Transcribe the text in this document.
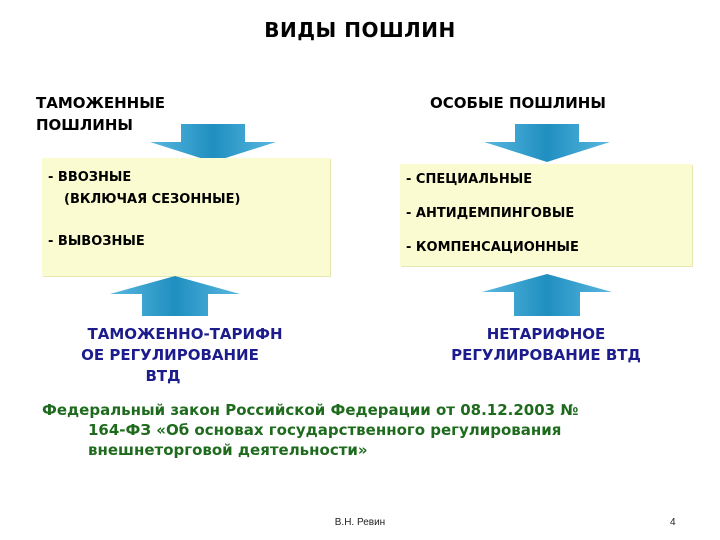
ВИДЫ ПОШЛИН
ТАМОЖЕННЫЕ
ПОШЛИНЫ
ОСОБЫЕ ПОШЛИНЫ
- ВВОЗНЫЕ
(ВКЛЮЧАЯ СЕЗОННЫЕ)
- ВЫВОЗНЫЕ
- СПЕЦИАЛЬНЫЕ
- АНТИДЕМПИНГОВЫЕ
- КОМПЕНСАЦИОННЫЕ
ТАМОЖЕННО-ТАРИФН
ОЕ РЕГУЛИРОВАНИЕ
ВТД
НЕТАРИФНОЕ
РЕГУЛИРОВАНИЕ ВТД
Федеральный закон Российской Федерации от 08.12.2003 №
164-ФЗ «Об основах государственного регулирования
внешнеторговой деятельности»
В.Н. Ревин	4
